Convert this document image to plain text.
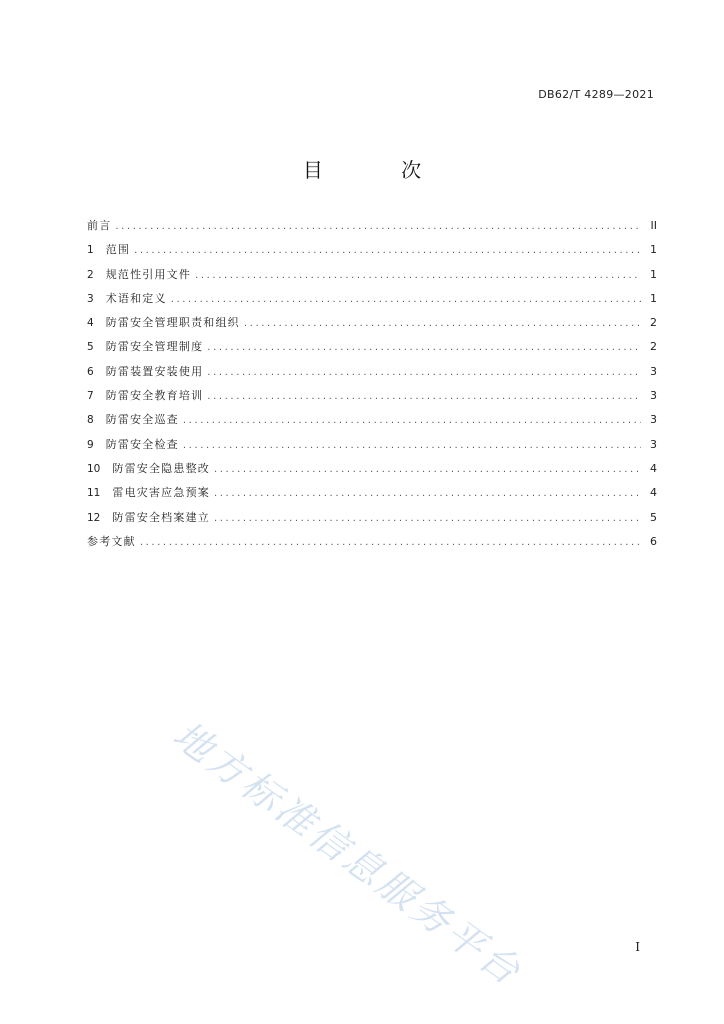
DB62/T 4289—2021
目 次
前言 .....	II
1 范围 .....	1
2 规范性引用文件 .....	1
3 术语和定义 .....	1
4 防雷安全管理职责和组织 .....	2
5 防雷安全管理制度 .....	2
6 防雷装置安装使用 .....	3
7 防雷安全教育培训 .....	3
8 防雷安全巡查 .....	3
9 防雷安全检查 .....	3
10 防雷安全隐患整改 .....	4
11 雷电灾害应急预案 .....	4
12 防雷安全档案建立 .....	5
参考文献 .....	6
地方标准信息服务平台	I
